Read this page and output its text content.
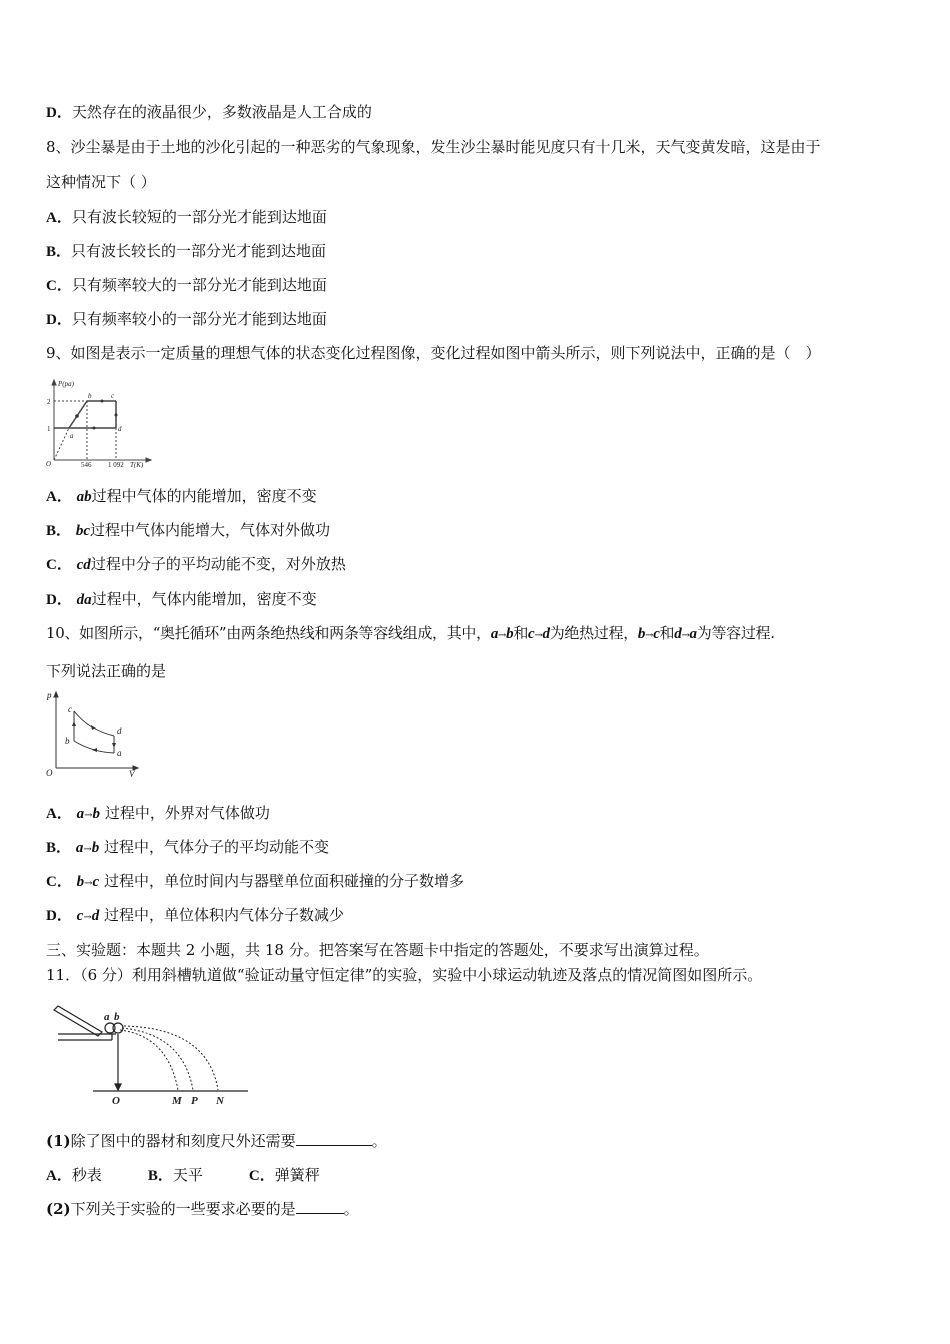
D．天然存在的液晶很少，多数液晶是人工合成的
8、沙尘暴是由于土地的沙化引起的一种恶劣的气象现象，发生沙尘暴时能见度只有十几米，天气变黄发暗，这是由于
这种情况下（ ）
A．只有波长较短的一部分光才能到达地面
B．只有波长较长的一部分光才能到达地面
C．只有频率较大的一部分光才能到达地面
D．只有频率较小的一部分光才能到达地面
9、如图是表示一定质量的理想气体的状态变化过程图像，变化过程如图中箭头所示，则下列说法中，正确的是（　）
P(pa)
2
1
O	546 1 092 T(K)
a
b	c
d
A． ab过程中气体的内能增加，密度不变
B． bc过程中气体内能增大，气体对外做功
C． cd过程中分子的平均动能不变，对外放热
D． da过程中，气体内能增加，密度不变
10、如图所示，“奥托循环”由两条绝热线和两条等容线组成，其中，a→b和c→d为绝热过程，b→c和d→a为等容过程.
下列说法正确的是
p
O	V
a
b
c
d
A． a→b 过程中，外界对气体做功
B． a→b 过程中，气体分子的平均动能不变
C． b→c 过程中，单位时间内与器壁单位面积碰撞的分子数增多
D． c→d 过程中，单位体积内气体分子数减少
三、实验题：本题共 2 小题，共 18 分。把答案写在答题卡中指定的答题处，不要求写出演算过程。
11．（6 分）利用斜槽轨道做“验证动量守恒定律”的实验，实验中小球运动轨迹及落点的情况简图如图所示。
a b
O	M P N
(1)除了图中的器材和刻度尺外还需要	。
A．秒表	B．天平	C．弹簧秤
(2)下列关于实验的一些要求必要的是	。
